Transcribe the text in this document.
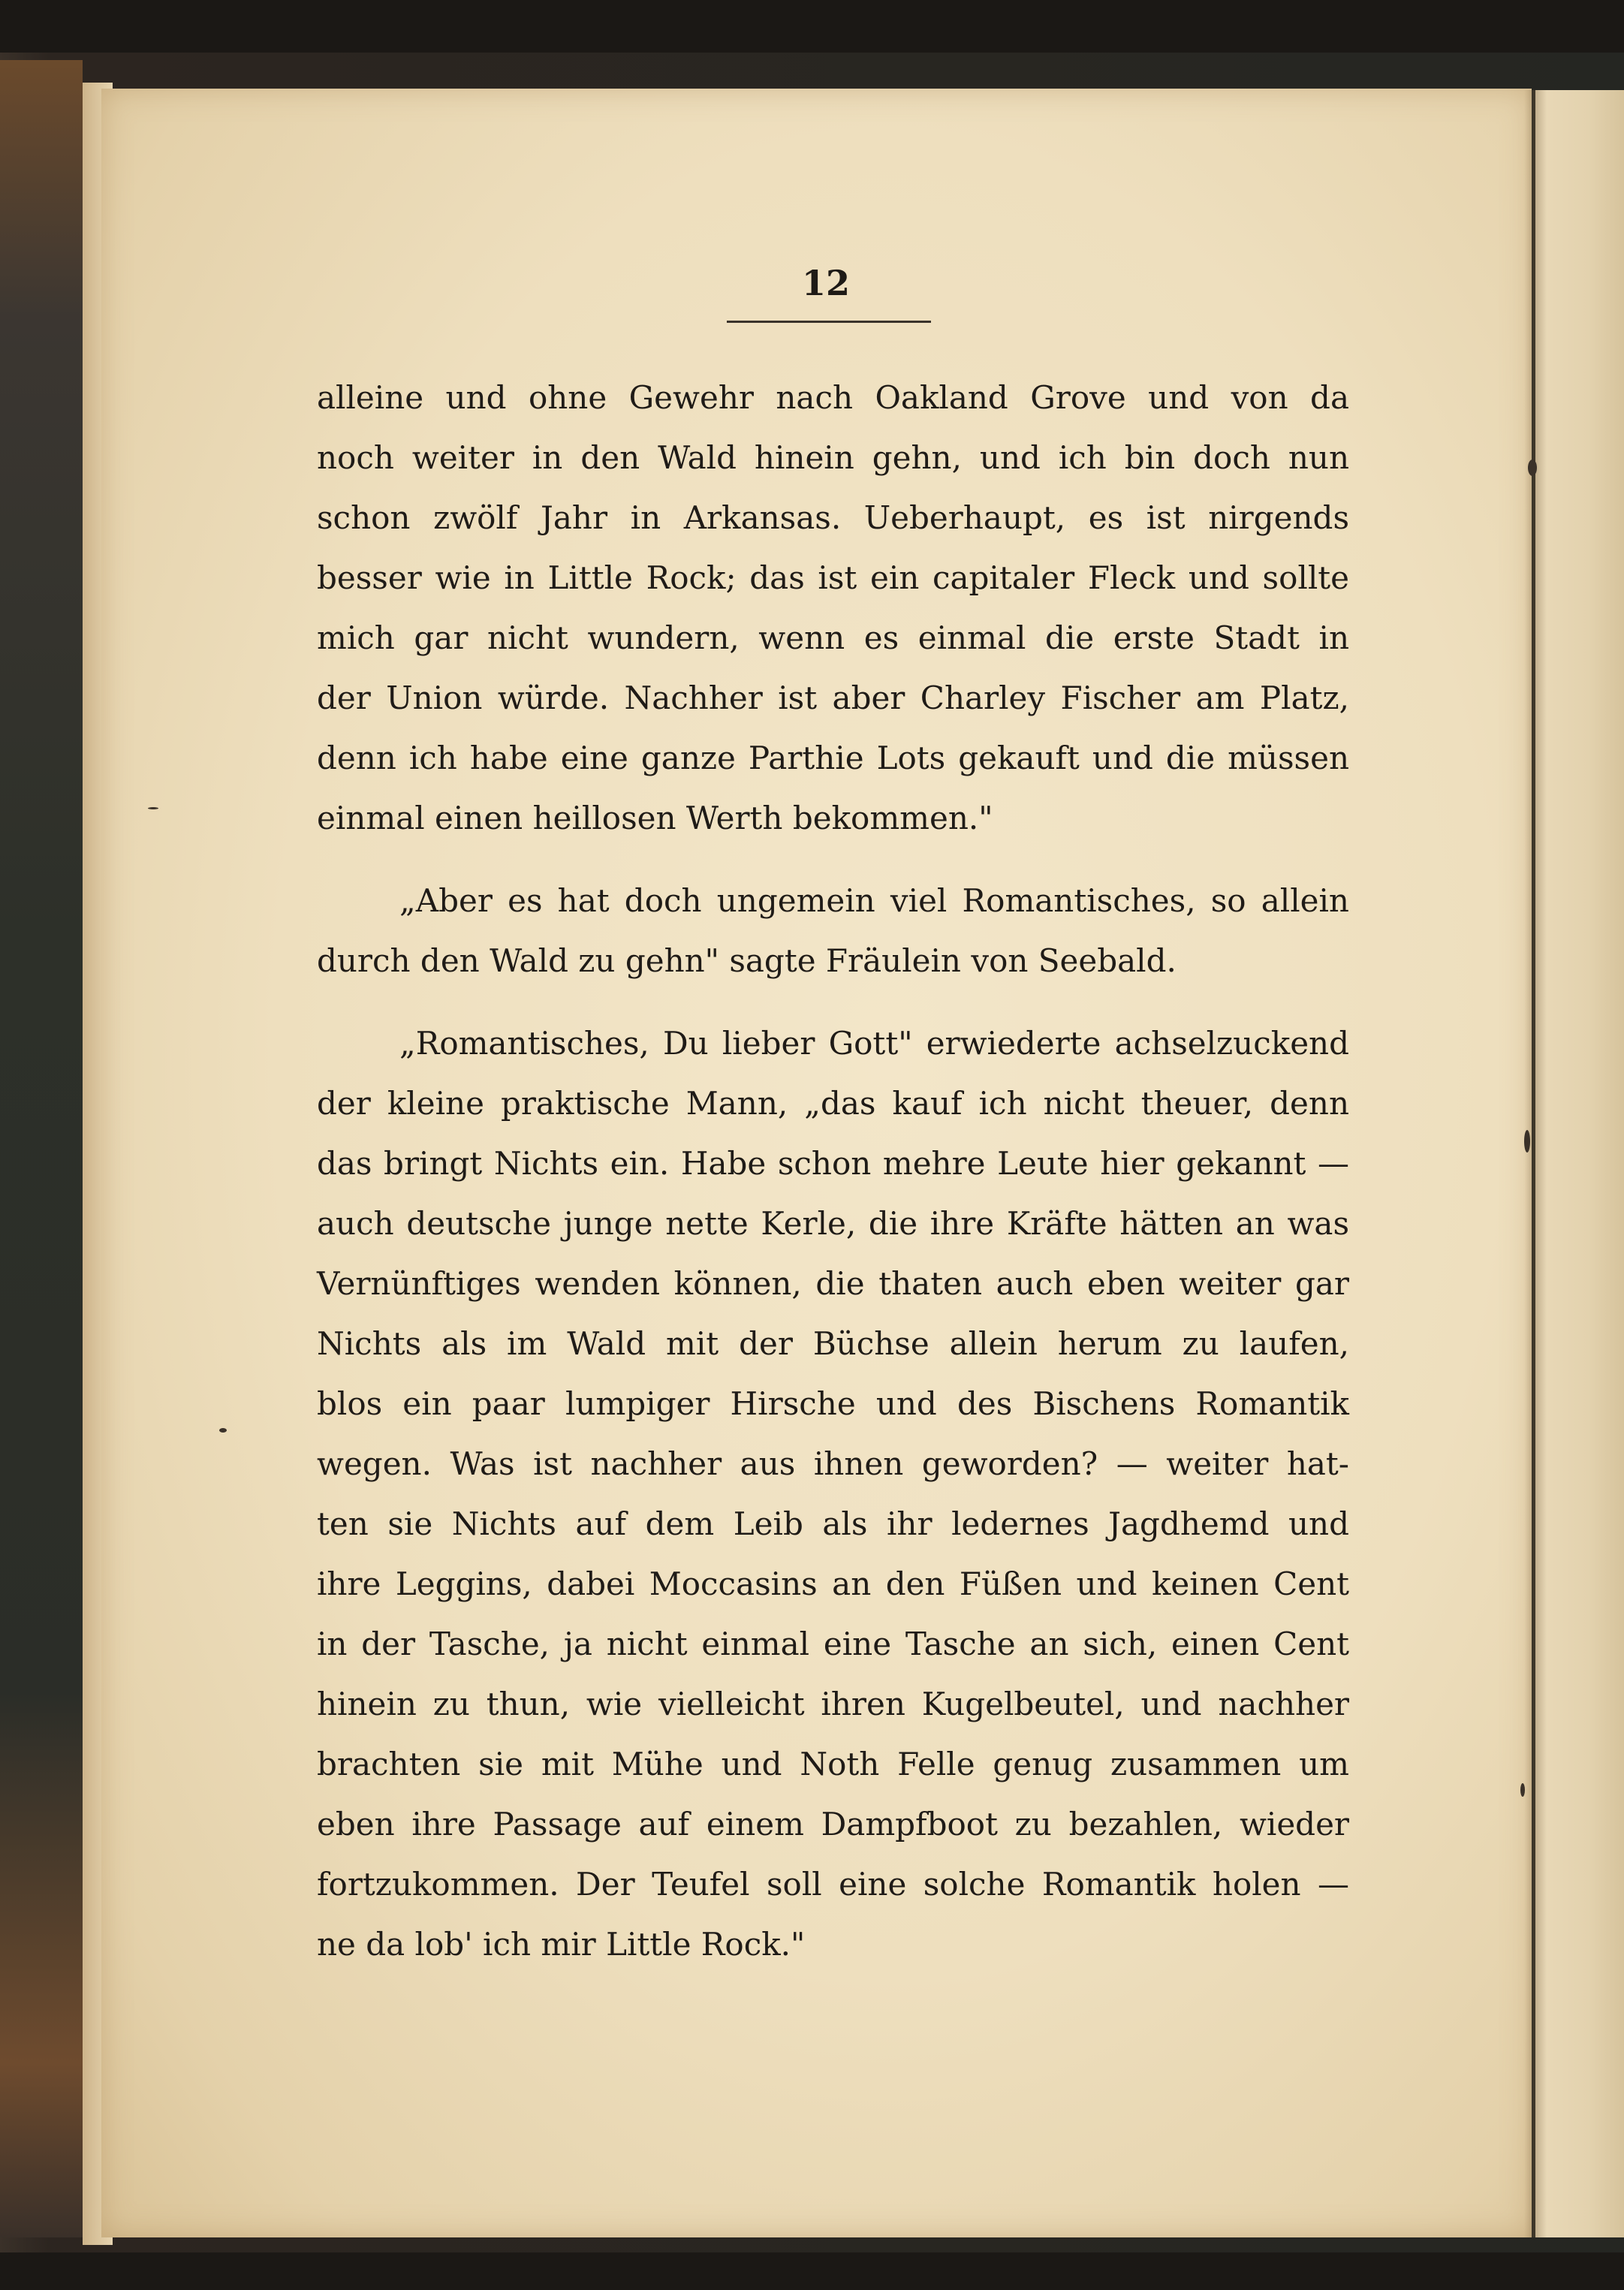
12
alleine und ohne Gewehr nach Oakland Grove und von da
noch weiter in den Wald hinein gehn, und ich bin doch nun
schon zwölf Jahr in Arkansas. Ueberhaupt, es ist nirgends
besser wie in Little Rock; das ist ein capitaler Fleck und sollte
mich gar nicht wundern, wenn es einmal die erste Stadt in
der Union würde. Nachher ist aber Charley Fischer am Platz,
denn ich habe eine ganze Parthie Lots gekauft und die müssen
einmal einen heillosen Werth bekommen."
„Aber es hat doch ungemein viel Romantisches, so allein
durch den Wald zu gehn" sagte Fräulein von Seebald.
„Romantisches, Du lieber Gott" erwiederte achselzuckend
der kleine praktische Mann, „das kauf ich nicht theuer, denn
das bringt Nichts ein. Habe schon mehre Leute hier gekannt —
auch deutsche junge nette Kerle, die ihre Kräfte hätten an was
Vernünftiges wenden können, die thaten auch eben weiter gar
Nichts als im Wald mit der Büchse allein herum zu laufen,
blos ein paar lumpiger Hirsche und des Bischens Romantik
wegen. Was ist nachher aus ihnen geworden? — weiter hat-
ten sie Nichts auf dem Leib als ihr ledernes Jagdhemd und
ihre Leggins, dabei Moccasins an den Füßen und keinen Cent
in der Tasche, ja nicht einmal eine Tasche an sich, einen Cent
hinein zu thun, wie vielleicht ihren Kugelbeutel, und nachher
brachten sie mit Mühe und Noth Felle genug zusammen um
eben ihre Passage auf einem Dampfboot zu bezahlen, wieder
fortzukommen. Der Teufel soll eine solche Romantik holen —
ne da lob' ich mir Little Rock."
